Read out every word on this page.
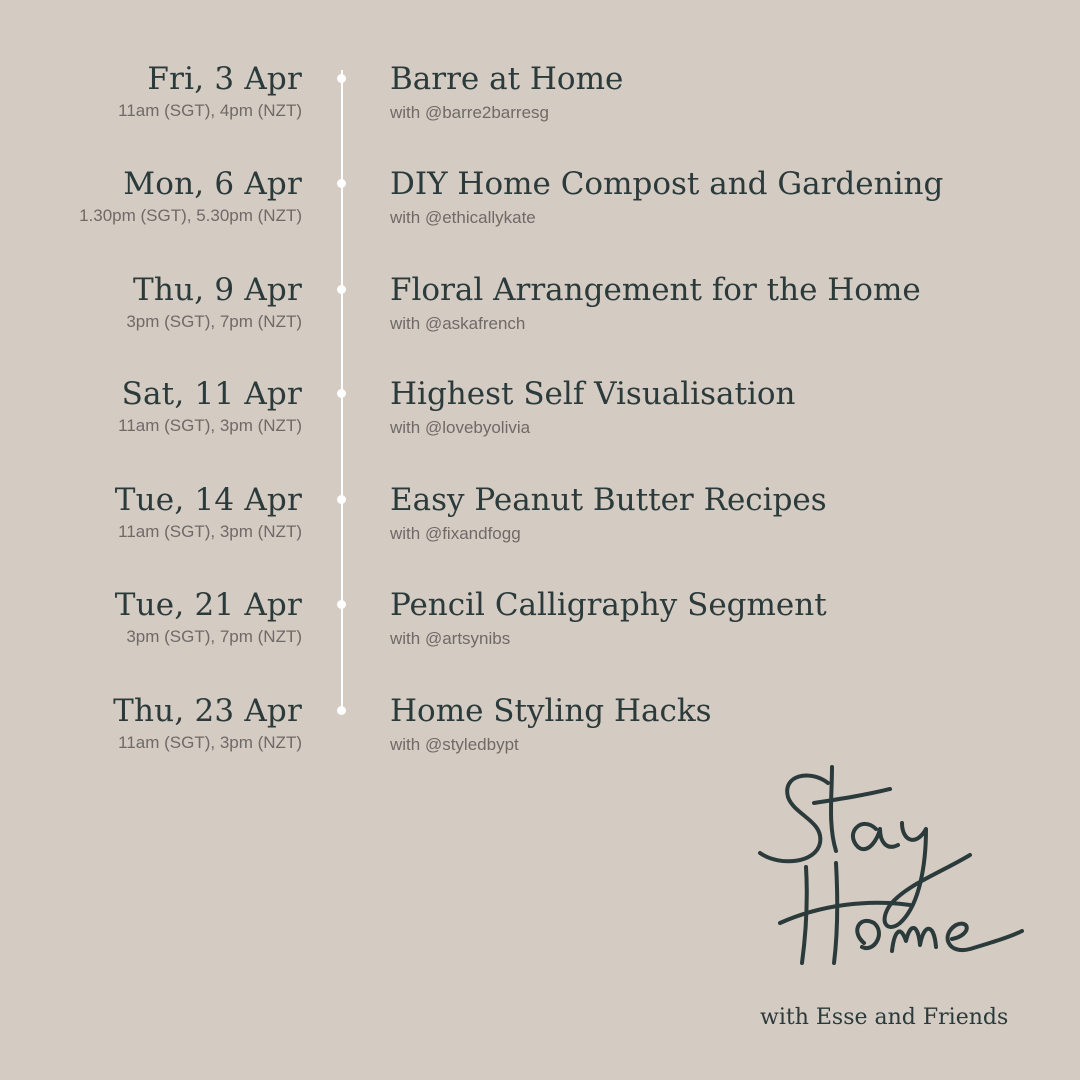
Fri, 3 Apr
11am (SGT), 4pm (NZT)
Barre at Home
with @barre2barresg
Mon, 6 Apr
1.30pm (SGT), 5.30pm (NZT)
DIY Home Compost and Gardening
with @ethicallykate
Thu, 9 Apr
3pm (SGT), 7pm (NZT)
Floral Arrangement for the Home
with @askafrench
Sat, 11 Apr
11am (SGT), 3pm (NZT)
Highest Self Visualisation
with @lovebyolivia
Tue, 14 Apr
11am (SGT), 3pm (NZT)
Easy Peanut Butter Recipes
with @fixandfogg
Tue, 21 Apr
3pm (SGT), 7pm (NZT)
Pencil Calligraphy Segment
with @artsynibs
Thu, 23 Apr
11am (SGT), 3pm (NZT)
Home Styling Hacks
with @styledbypt
with Esse and Friends
